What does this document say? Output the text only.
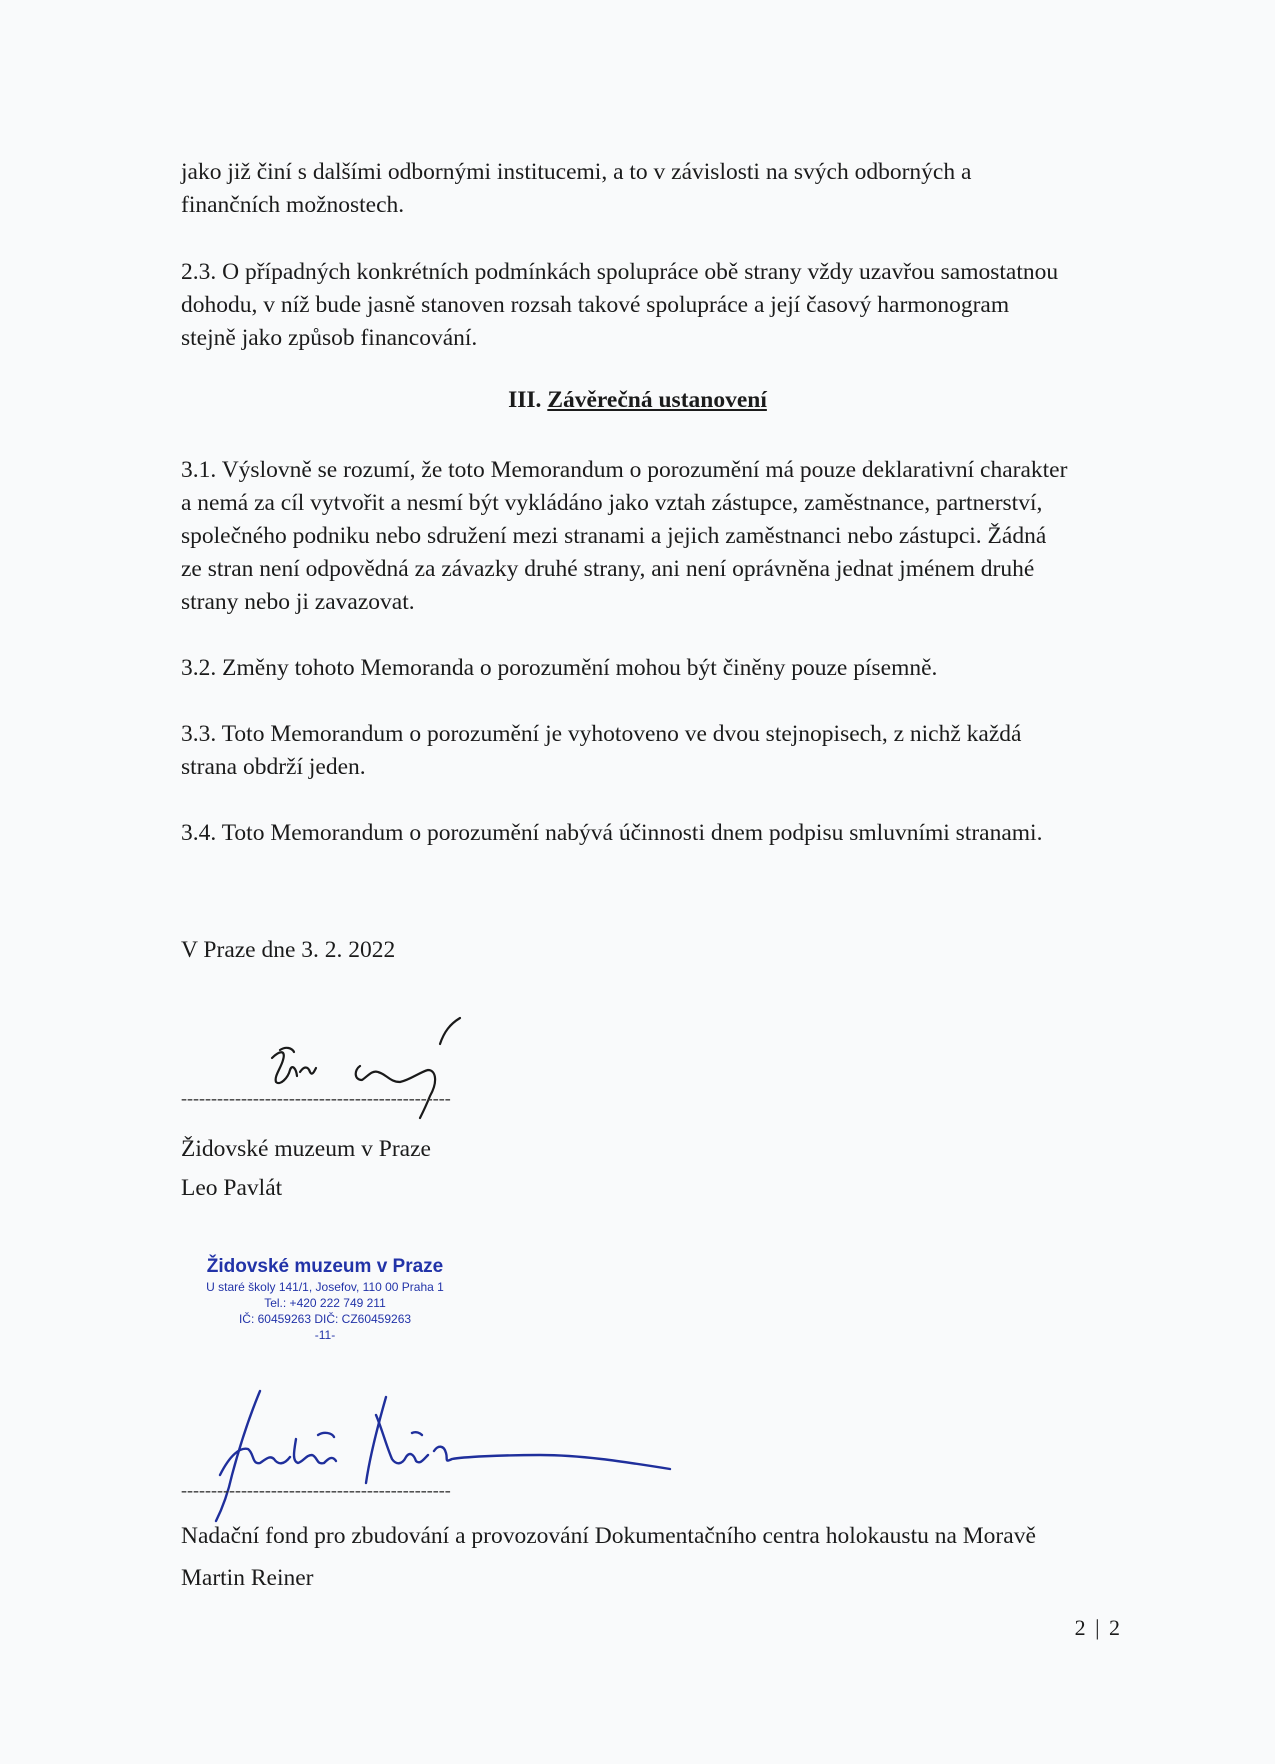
jako již činí s dalšími odbornými institucemi, a to v závislosti na svých odborných a
finančních možnostech.

2.3. O případných konkrétních podmínkách spolupráce obě strany vždy uzavřou samostatnou
dohodu, v níž bude jasně stanoven rozsah takové spolupráce a její časový harmonogram
stejně jako způsob financování.

III. Závěrečná ustanovení

3.1. Výslovně se rozumí, že toto Memorandum o porozumění má pouze deklarativní charakter
a nemá za cíl vytvořit a nesmí být vykládáno jako vztah zástupce, zaměstnance, partnerství,
společného podniku nebo sdružení mezi stranami a jejich zaměstnanci nebo zástupci. Žádná
ze stran není odpovědná za závazky druhé strany, ani není oprávněna jednat jménem druhé
strany nebo ji zavazovat.

3.2. Změny tohoto Memoranda o porozumění mohou být činěny pouze písemně.

3.3. Toto Memorandum o porozumění je vyhotoveno ve dvou stejnopisech, z nichž každá
strana obdrží jeden.

3.4. Toto Memorandum o porozumění nabývá účinnosti dnem podpisu smluvními stranami.

V Praze dne 3. 2. 2022
---------------------------------------------
Židovské muzeum v Praze
Leo Pavlát
Židovské muzeum v Praze
U staré školy 141/1, Josefov, 110 00 Praha 1
Tel.: +420 222 749 211
IČ: 60459263 DIČ: CZ60459263
-11-
---------------------------------------------
Nadační fond pro zbudování a provozování Dokumentačního centra holokaustu na Moravě
Martin Reiner
2 | 2
